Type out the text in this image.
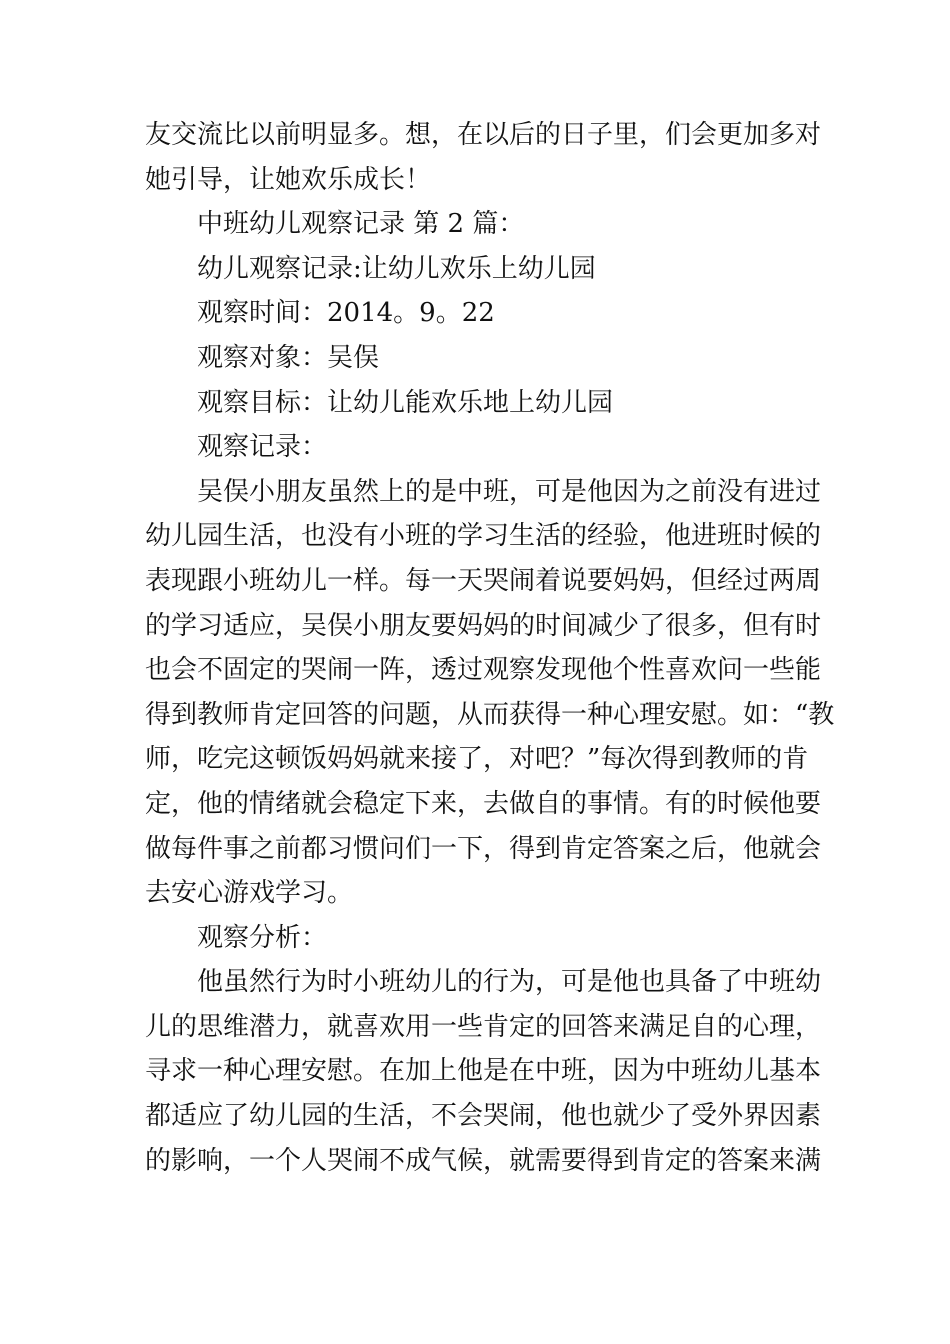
友交流比以前明显多。想，在以后的日子里，们会更加多对
她引导，让她欢乐成长！
中班幼儿观察记录 第 2 篇：
幼儿观察记录:让幼儿欢乐上幼儿园
观察时间：2014。9。22
观察对象：吴俣
观察目标：让幼儿能欢乐地上幼儿园
观察记录：
吴俣小朋友虽然上的是中班，可是他因为之前没有进过
幼儿园生活，也没有小班的学习生活的经验，他进班时候的
表现跟小班幼儿一样。每一天哭闹着说要妈妈，但经过两周
的学习适应，吴俣小朋友要妈妈的时间减少了很多，但有时
也会不固定的哭闹一阵，透过观察发现他个性喜欢问一些能
得到教师肯定回答的问题，从而获得一种心理安慰。如：“教
师，吃完这顿饭妈妈就来接了，对吧？”每次得到教师的肯
定，他的情绪就会稳定下来，去做自的事情。有的时候他要
做每件事之前都习惯问们一下，得到肯定答案之后，他就会
去安心游戏学习。
观察分析：
他虽然行为时小班幼儿的行为，可是他也具备了中班幼
儿的思维潜力，就喜欢用一些肯定的回答来满足自的心理，
寻求一种心理安慰。在加上他是在中班，因为中班幼儿基本
都适应了幼儿园的生活，不会哭闹，他也就少了受外界因素
的影响，一个人哭闹不成气候，就需要得到肯定的答案来满
